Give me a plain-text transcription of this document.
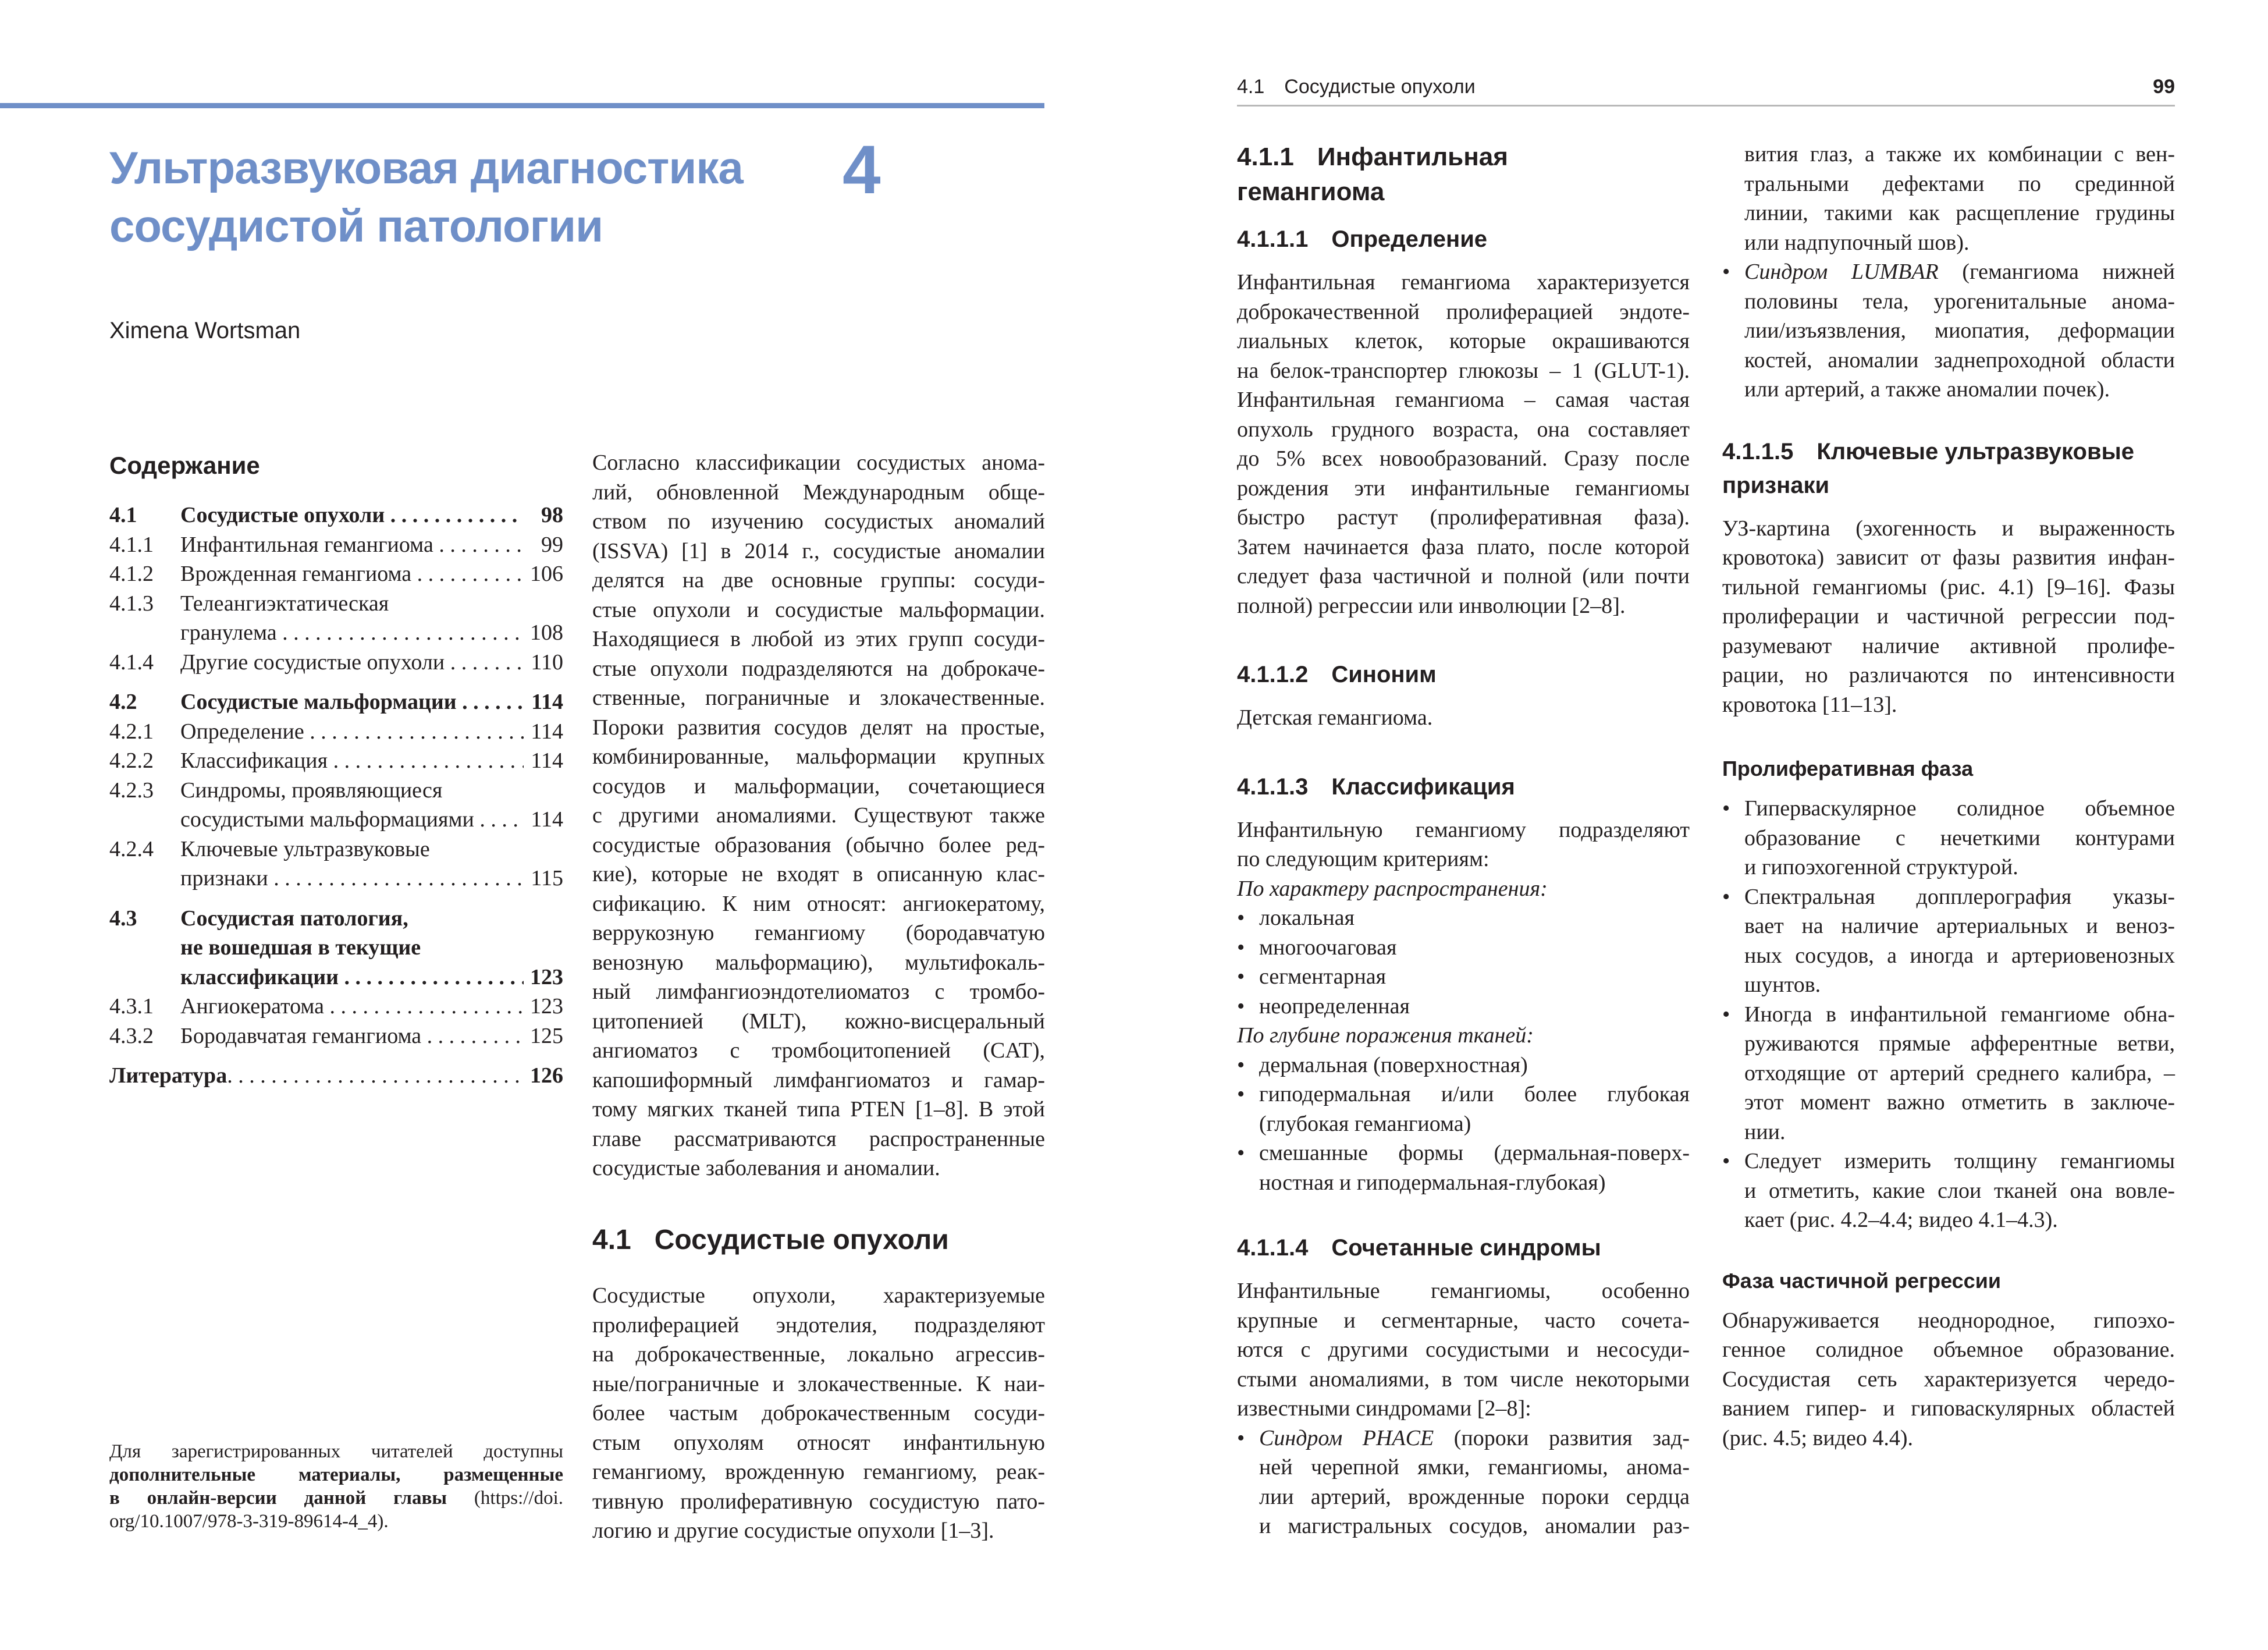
Ультразвуковая диагностика
сосудистой патологии
4
Ximena Wortsman
Содержание
4.1	Сосудистые опухоли . . .	98
4.1.1	Инфантильная гемангиома . . .	99
4.1.2	Врожденная гемангиома . . .	106
4.1.3	Телеангиэктатическая
гранулема . . .	108
4.1.4	Другие сосудистые опухоли . . .	110
4.2	Сосудистые мальформации . . .	114
4.2.1	Определение . . .	114
4.2.2	Классификация . . .	114
4.2.3	Синдромы, проявляющиеся
сосудистыми мальформациями . . .	114
4.2.4	Ключевые ультразвуковые
признаки . . .	115
4.3	Сосудистая патология,
не вошедшая в текущие
классификации . . .	123
4.3.1	Ангиокератома . . .	123
4.3.2	Бородавчатая гемангиома . . .	125
Литература . . .	126
Согласно классификации сосудистых анома-
лий, обновленной Международным обще-
ством по изучению сосудистых аномалий
(ISSVA) [1] в 2014 г., сосудистые аномалии
делятся на две основные группы: сосуди-
стые опухоли и сосудистые мальформации.
Находящиеся в любой из этих групп сосуди-
стые опухоли подразделяются на доброкаче-
ственные, пограничные и злокачественные.
Пороки развития сосудов делят на простые,
комбинированные, мальформации крупных
сосудов и мальформации, сочетающиеся
с другими аномалиями. Существуют также
сосудистые образования (обычно более ред-
кие), которые не входят в описанную клас-
сификацию. К ним относят: ангиокератому,
веррукозную гемангиому (бородавчатую
венозную мальформацию), мультифокаль-
ный лимфангиоэндотелиоматоз с тромбо-
цитопенией (MLT), кожно-висцеральный
ангиоматоз с тромбоцитопенией (CAT),
капошиформный лимфангиоматоз и гамар-
тому мягких тканей типа PTEN [1–8]. В этой
главе рассматриваются распространенные
сосудистые заболевания и аномалии.
4.1 Сосудистые опухоли
Сосудистые опухоли, характеризуемые
пролиферацией эндотелия, подразделяют
на доброкачественные, локально агрессив-
ные/пограничные и злокачественные. К наи-
более частым доброкачественным сосуди-
стым опухолям относят инфантильную
гемангиому, врожденную гемангиому, реак-
тивную пролиферативную сосудистую пато-
логию и другие сосудистые опухоли [1–3].
Для зарегистрированных читателей доступны
дополнительные материалы, размещенные
в онлайн-версии данной главы (https://doi.
org/10.1007/978-3-319-89614-4_4).
4.1 Сосудистые опухоли	99
4.1.1 Инфантильная
гемангиома
4.1.1.1 Определение
Инфантильная гемангиома характеризуется
доброкачественной пролиферацией эндоте-
лиальных клеток, которые окрашиваются
на белок-транспортер глюкозы – 1 (GLUT-1).
Инфантильная гемангиома – самая частая
опухоль грудного возраста, она составляет
до 5% всех новообразований. Сразу после
рождения эти инфантильные гемангиомы
быстро растут (пролиферативная фаза).
Затем начинается фаза плато, после которой
следует фаза частичной и полной (или почти
полной) регрессии или инволюции [2–8].
4.1.1.2 Синоним
Детская гемангиома.
4.1.1.3 Классификация
Инфантильную гемангиому подразделяют
по следующим критериям:
По характеру распространения:
• локальная
• многоочаговая
• сегментарная
• неопределенная
По глубине поражения тканей:
• дермальная (поверхностная)
• гиподермальная и/или более глубокая
(глубокая гемангиома)
• смешанные формы (дермальная-поверх-
ностная и гиподермальная-глубокая)
4.1.1.4 Сочетанные синдромы
Инфантильные гемангиомы, особенно
крупные и сегментарные, часто сочета-
ются с другими сосудистыми и несосуди-
стыми аномалиями, в том числе некоторыми
известными синдромами [2–8]:
• Синдром PHACE (пороки развития зад-
ней черепной ямки, гемангиомы, анома-
лии артерий, врожденные пороки сердца
и магистральных сосудов, аномалии раз-
вития глаз, а также их комбинации с вен-
тральными дефектами по срединной
линии, такими как расщепление грудины
или надпупочный шов).
• Синдром LUMBAR (гемангиома нижней
половины тела, урогенитальные анома-
лии/изъязвления, миопатия, деформации
костей, аномалии заднепроходной области
или артерий, а также аномалии почек).
4.1.1.5 Ключевые ультразвуковые
признаки
УЗ-картина (эхогенность и выраженность
кровотока) зависит от фазы развития инфан-
тильной гемангиомы (рис. 4.1) [9–16]. Фазы
пролиферации и частичной регрессии под-
разумевают наличие активной пролифе-
рации, но различаются по интенсивности
кровотока [11–13].
Пролиферативная фаза
• Гиперваскулярное солидное объемное
образование с нечеткими контурами
и гипоэхогенной структурой.
• Спектральная допплерография указы-
вает на наличие артериальных и веноз-
ных сосудов, а иногда и артериовенозных
шунтов.
• Иногда в инфантильной гемангиоме обна-
руживаются прямые афферентные ветви,
отходящие от артерий среднего калибра, –
этот момент важно отметить в заключе-
нии.
• Следует измерить толщину гемангиомы
и отметить, какие слои тканей она вовле-
кает (рис. 4.2–4.4; видео 4.1–4.3).
Фаза частичной регрессии
Обнаруживается неоднородное, гипоэхо-
генное солидное объемное образование.
Сосудистая сеть характеризуется чередо-
ванием гипер- и гиповаскулярных областей
(рис. 4.5; видео 4.4).
